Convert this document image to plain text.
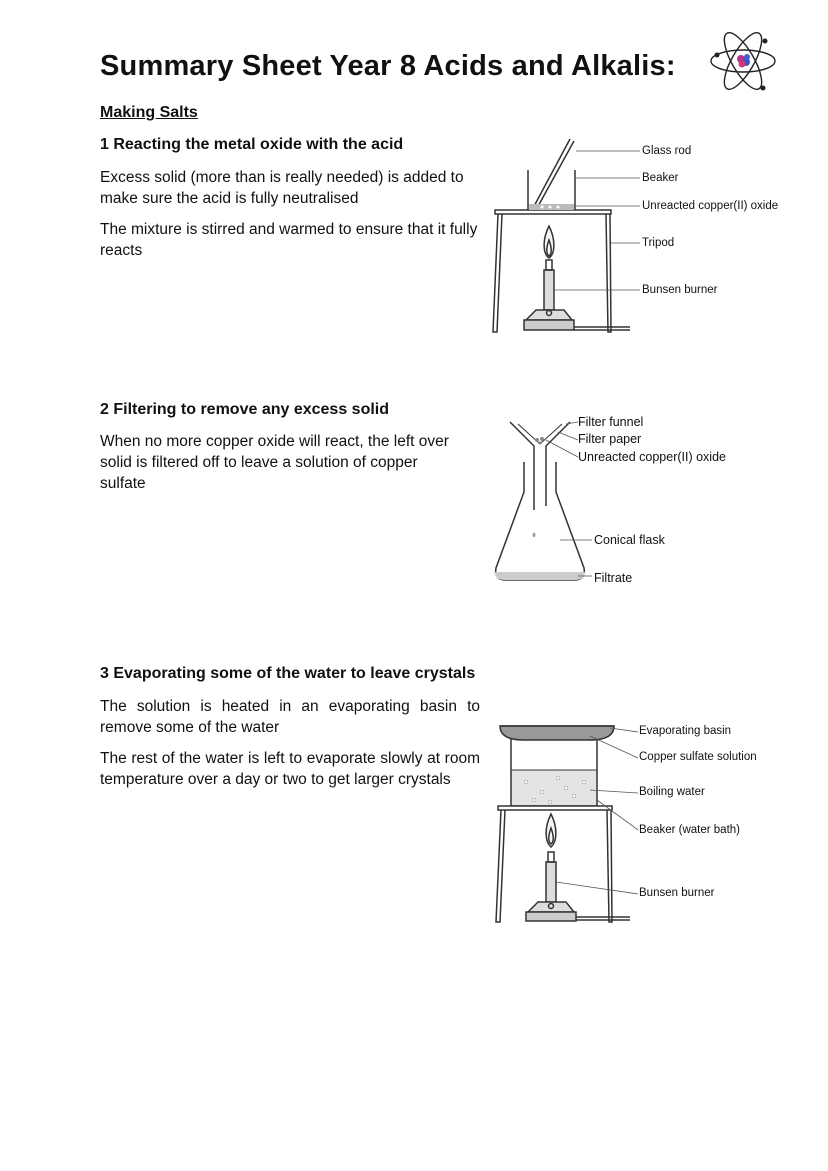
Summary Sheet Year 8 Acids and Alkalis:
Making Salts
1 Reacting the metal oxide with the acid
Excess solid (more than is really needed) is added to make sure the acid is fully neutralised
The mixture is stirred and warmed to ensure that it fully reacts
Glass rod
Beaker
Unreacted copper(II) oxide
Tripod
Bunsen burner
2 Filtering to remove any excess solid
When no more copper oxide will react, the left over solid is filtered off to leave a solution of copper sulfate
Filter funnel
Filter paper
Unreacted copper(II) oxide
Conical flask
Filtrate
3 Evaporating some of the water to leave crystals
The solution is heated in an evaporating basin to remove some of the water
The rest of the water is left to evaporate slowly at room temperature over a day or two to get larger crystals
Evaporating basin
Copper sulfate solution
Boiling water
Beaker (water bath)
Bunsen burner
